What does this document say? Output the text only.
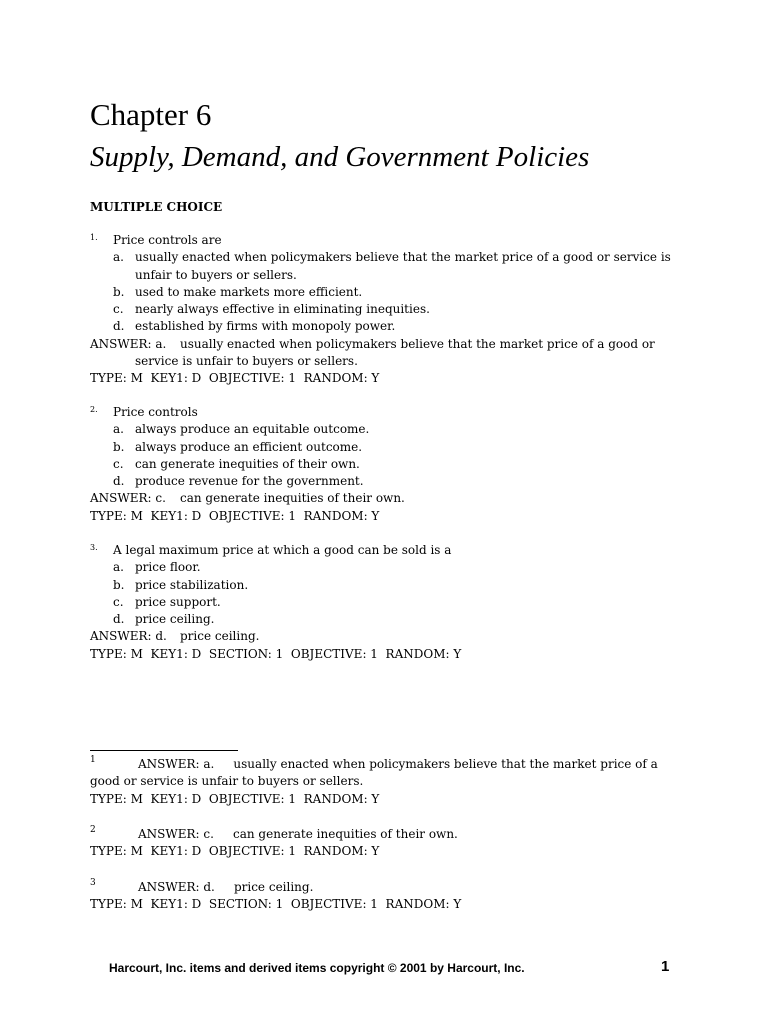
Chapter 6
Supply, Demand, and Government Policies
MULTIPLE CHOICE
1. Price controls are
a. usually enacted when policymakers believe that the market price of a good or service is unfair to buyers or sellers.
b. used to make markets more efficient.
c. nearly always effective in eliminating inequities.
d. established by firms with monopoly power.
ANSWER: a. usually enacted when policymakers believe that the market price of a good or service is unfair to buyers or sellers.
TYPE: M  KEY1: D  OBJECTIVE: 1  RANDOM: Y
2. Price controls
a. always produce an equitable outcome.
b. always produce an efficient outcome.
c. can generate inequities of their own.
d. produce revenue for the government.
ANSWER: c. can generate inequities of their own.
TYPE: M  KEY1: D  OBJECTIVE: 1  RANDOM: Y
3. A legal maximum price at which a good can be sold is a
a. price floor.
b. price stabilization.
c. price support.
d. price ceiling.
ANSWER: d. price ceiling.
TYPE: M  KEY1: D  SECTION: 1  OBJECTIVE: 1  RANDOM: Y
1	ANSWER: a. usually enacted when policymakers believe that the market price of a good or service is unfair to buyers or sellers.
TYPE: M  KEY1: D  OBJECTIVE: 1  RANDOM: Y
2	ANSWER: c. can generate inequities of their own.
TYPE: M  KEY1: D  OBJECTIVE: 1  RANDOM: Y
3	ANSWER: d. price ceiling.
TYPE: M  KEY1: D  SECTION: 1  OBJECTIVE: 1  RANDOM: Y
Harcourt, Inc. items and derived items copyright © 2001 by Harcourt, Inc.	1
